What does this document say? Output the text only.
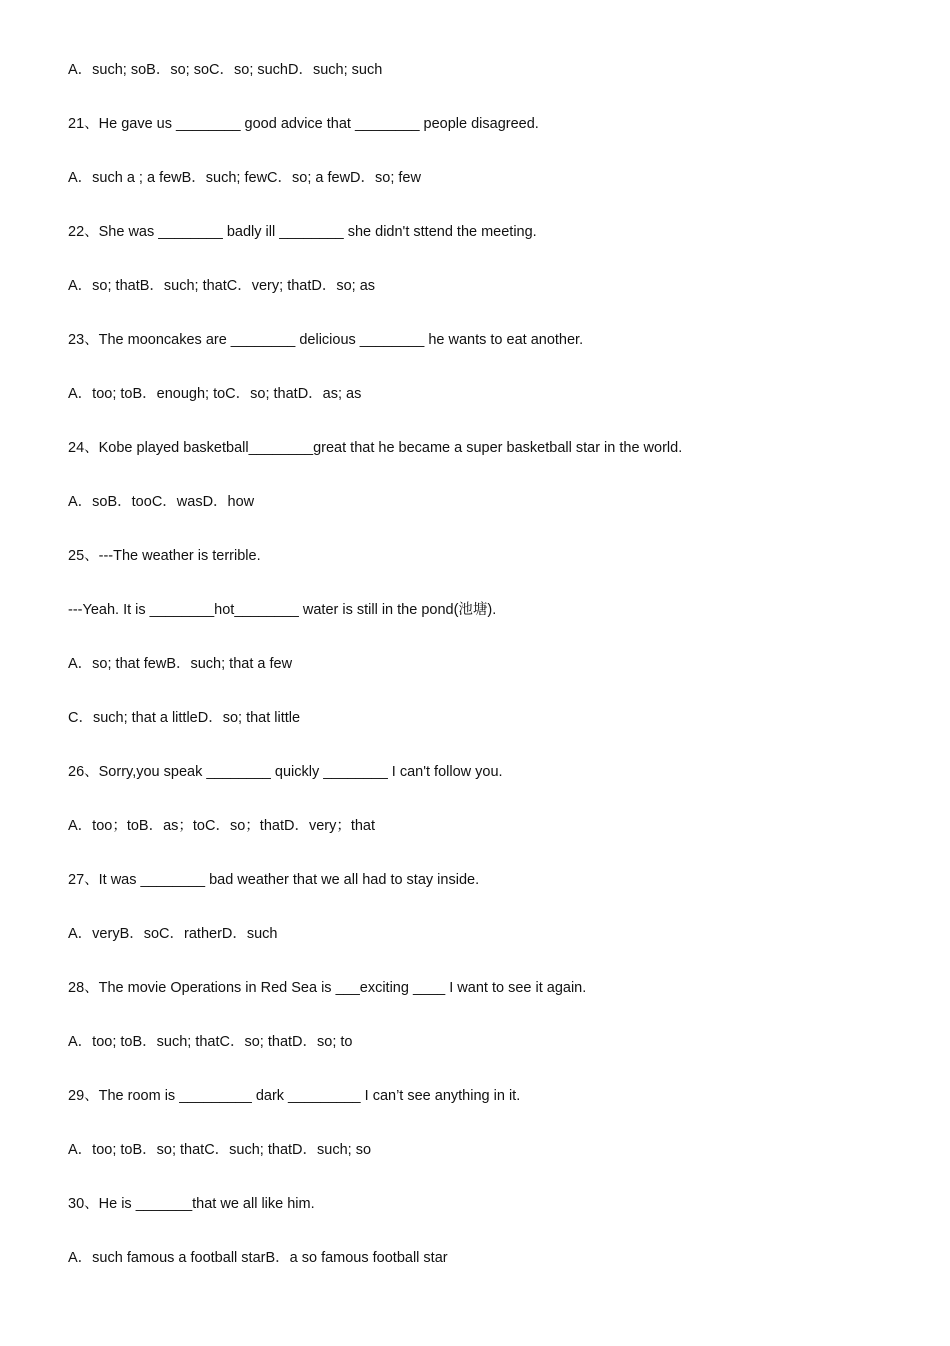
A．such; soB．so; soC．so; suchD．such; such
21、He gave us ________ good advice that ________ people disagreed.
A．such a ; a fewB．such; fewC．so; a fewD．so; few
22、She was ________ badly ill ________ she didn't sttend the meeting.
A．so; thatB．such; thatC．very; thatD．so; as
23、The mooncakes are ________ delicious ________ he wants to eat another.
A．too; toB．enough; toC．so; thatD．as; as
24、Kobe played basketball________great that he became a super basketball star in the world.
A．soB．tooC．wasD．how
25、---The weather is terrible.
---Yeah. It is ________hot________ water is still in the pond(池塘).
A．so; that fewB．such; that a few
C．such; that a littleD．so; that little
26、Sorry,you speak ________ quickly ________ I can't follow you.
A．too；toB．as；toC．so；thatD．very；that
27、It was ________ bad weather that we all had to stay inside.
A．veryB．soC．ratherD．such
28、The movie Operations in Red Sea is ___exciting ____ I want to see it again.
A．too; toB．such; thatC．so; thatD．so; to
29、The room is _________ dark _________ I can’t see anything in it.
A．too; toB．so; thatC．such; thatD．such; so
30、He is _______that we all like him.
A．such famous a football starB．a so famous football star
